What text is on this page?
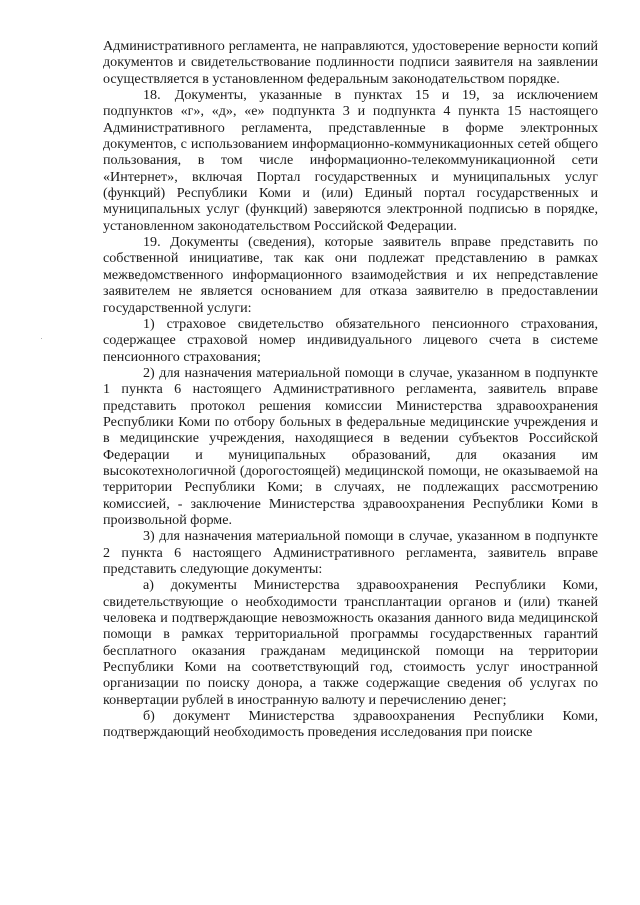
Административного регламента, не направляются, удостоверение верности копий документов и свидетельствование подлинности подписи заявителя на заявлении осуществляется в установленном федеральным законодательством порядке.

18. Документы, указанные в пунктах 15 и 19, за исключением подпунктов «г», «д», «е» подпункта 3 и подпункта 4 пункта 15 настоящего Административного регламента, представленные в форме электронных документов, с использованием информационно-коммуникационных сетей общего пользования, в том числе информационно-телекоммуникационной сети «Интернет», включая Портал государственных и муниципальных услуг (функций) Республики Коми и (или) Единый портал государственных и муниципальных услуг (функций) заверяются электронной подписью в порядке, установленном законодательством Российской Федерации.

19. Документы (сведения), которые заявитель вправе представить по собственной инициативе, так как они подлежат представлению в рамках межведомственного информационного взаимодействия и их непредставление заявителем не является основанием для отказа заявителю в предоставлении государственной услуги:

1) страховое свидетельство обязательного пенсионного страхования, содержащее страховой номер индивидуального лицевого счета в системе пенсионного страхования;

2) для назначения материальной помощи в случае, указанном в подпункте 1 пункта 6 настоящего Административного регламента, заявитель вправе представить протокол решения комиссии Министерства здравоохранения Республики Коми по отбору больных в федеральные медицинские учреждения и в медицинские учреждения, находящиеся в ведении субъектов Российской Федерации и муниципальных образований, для оказания им высокотехнологичной (дорогостоящей) медицинской помощи, не оказываемой на территории Республики Коми; в случаях, не подлежащих рассмотрению комиссией, - заключение Министерства здравоохранения Республики Коми в произвольной форме.

3) для назначения материальной помощи в случае, указанном в подпункте 2 пункта 6 настоящего Административного регламента, заявитель вправе представить следующие документы:

а) документы Министерства здравоохранения Республики Коми, свидетельствующие о необходимости трансплантации органов и (или) тканей человека и подтверждающие невозможность оказания данного вида медицинской помощи в рамках территориальной программы государственных гарантий бесплатного оказания гражданам медицинской помощи на территории Республики Коми на соответствующий год, стоимость услуг иностранной организации по поиску донора, а также содержащие сведения об услугах по конвертации рублей в иностранную валюту и перечислению денег;

б) документ Министерства здравоохранения Республики Коми, подтверждающий необходимость проведения исследования при поиске
